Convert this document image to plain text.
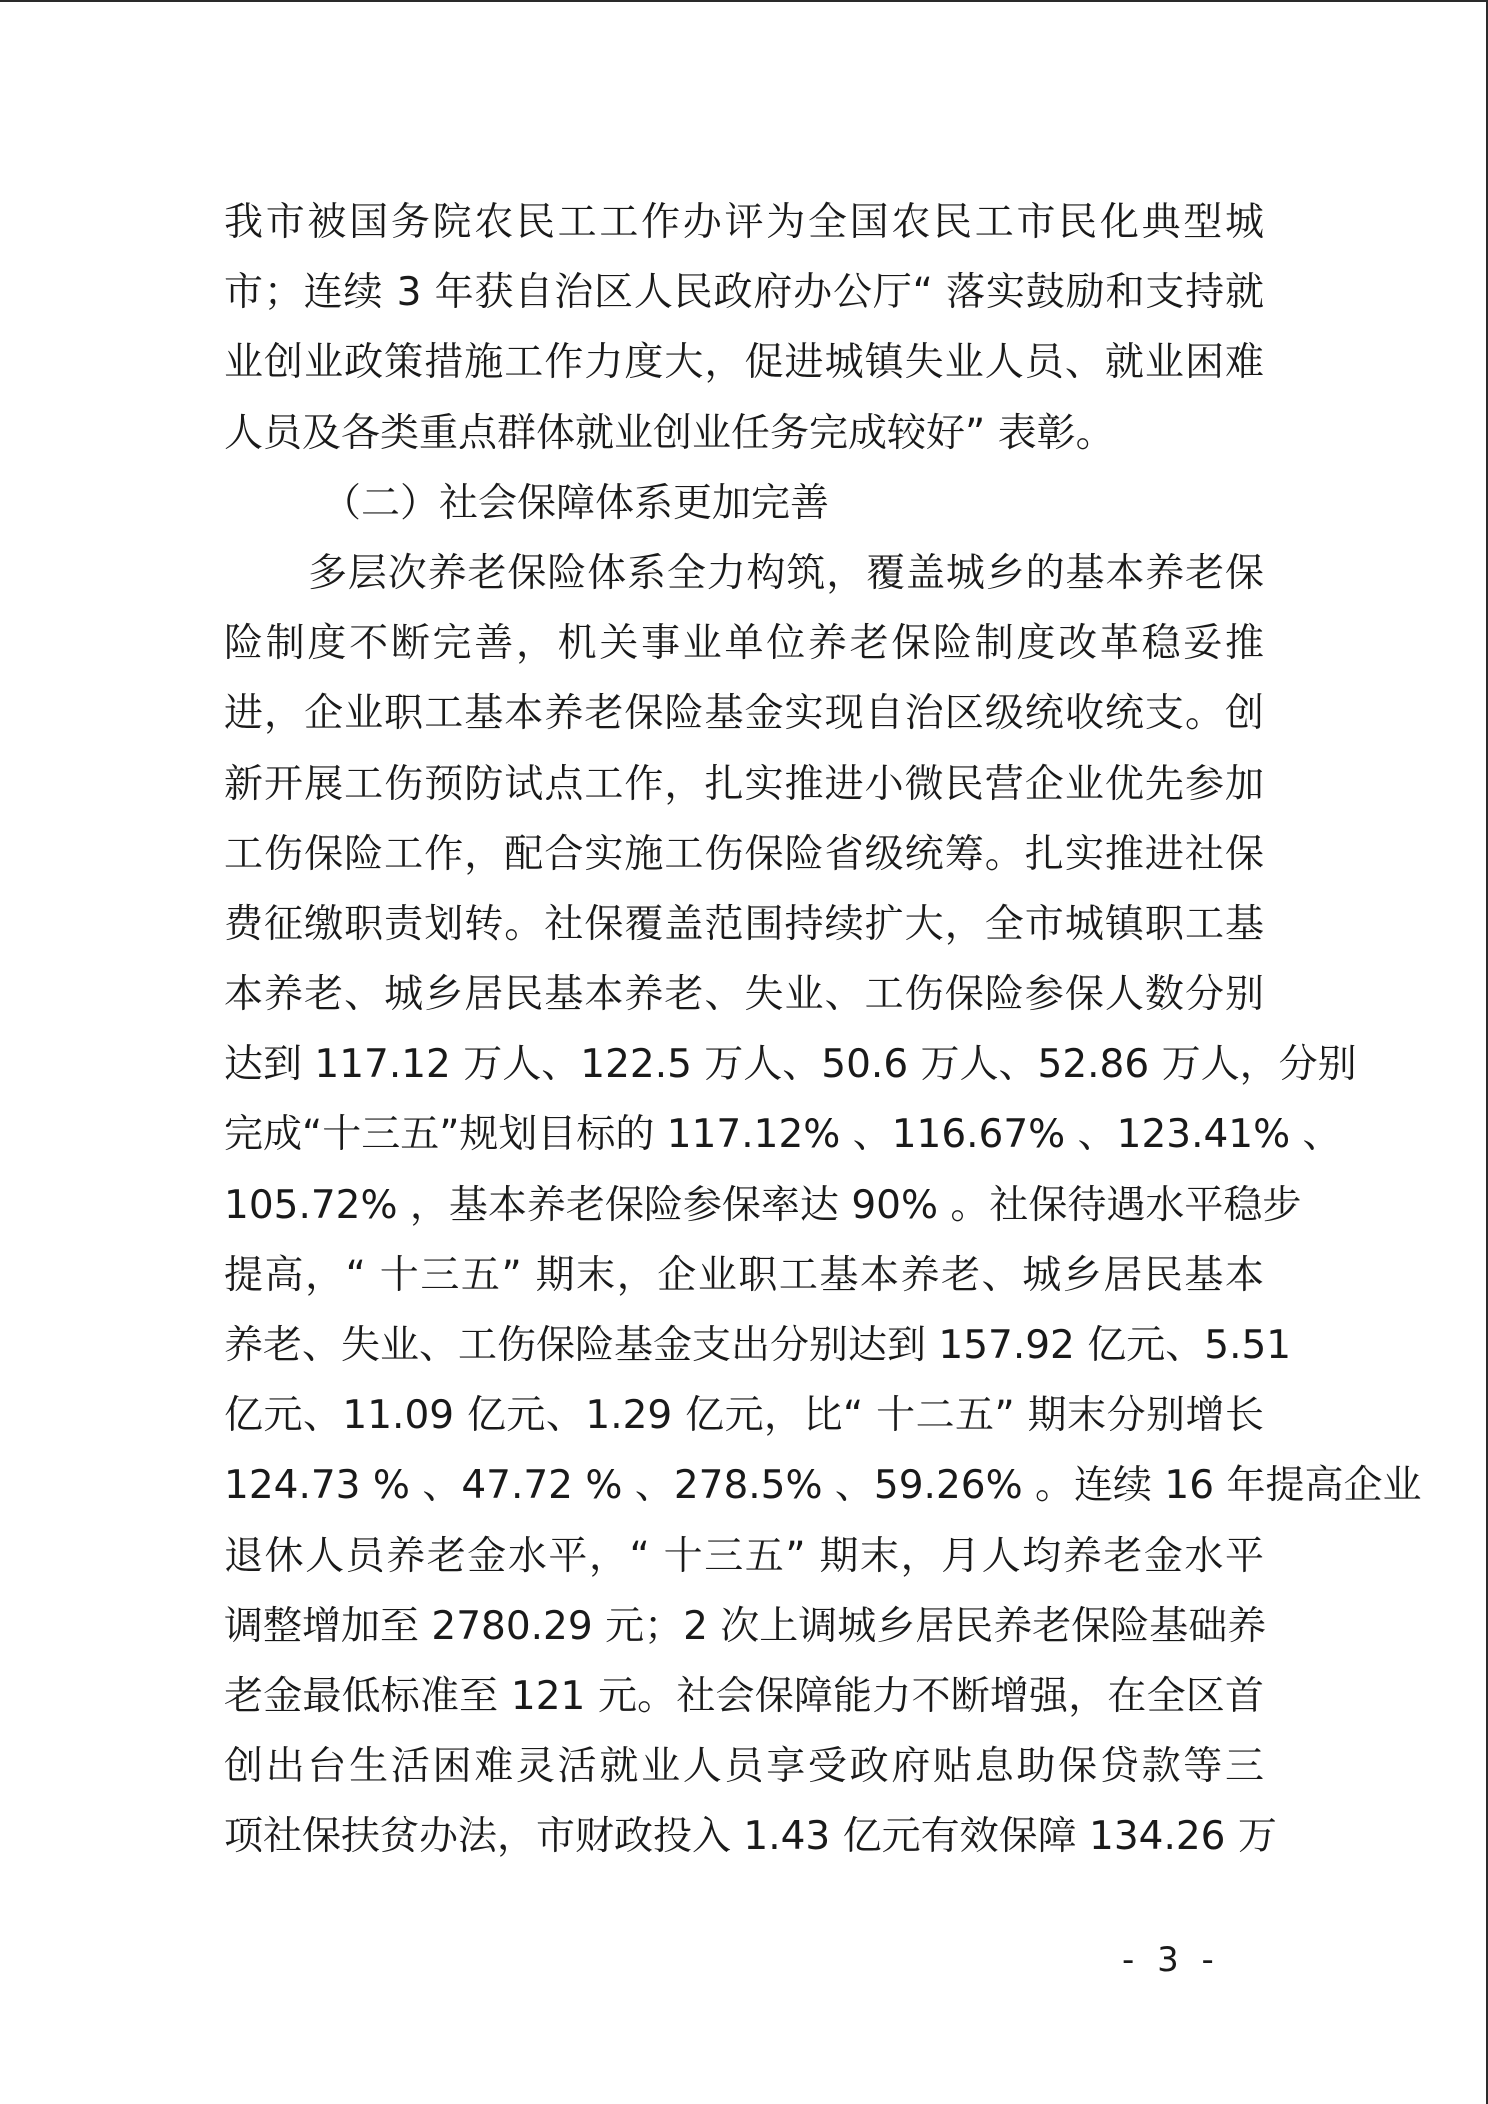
我市被国务院农民工工作办评为全国农民工市民化典型城
市；连续 3 年获自治区人民政府办公厅“ 落实鼓励和支持就
业创业政策措施工作力度大，促进城镇失业人员、就业困难
人员及各类重点群体就业创业任务完成较好” 表彰。
（二）社会保障体系更加完善
多层次养老保险体系全力构筑，覆盖城乡的基本养老保
险制度不断完善，机关事业单位养老保险制度改革稳妥推
进，企业职工基本养老保险基金实现自治区级统收统支。创
新开展工伤预防试点工作，扎实推进小微民营企业优先参加
工伤保险工作，配合实施工伤保险省级统筹。扎实推进社保
费征缴职责划转。社保覆盖范围持续扩大，全市城镇职工基
本养老、城乡居民基本养老、失业、工伤保险参保人数分别
达到 117.12 万人、122.5 万人、50.6 万人、52.86 万人，分别
完成“十三五”规划目标的 117.12% 、116.67% 、123.41% 、
105.72% ，基本养老保险参保率达 90% 。社保待遇水平稳步
提高，“ 十三五” 期末，企业职工基本养老、城乡居民基本
养老、失业、工伤保险基金支出分别达到 157.92 亿元、5.51
亿元、11.09 亿元、1.29 亿元，比“ 十二五” 期末分别增长
124.73 % 、47.72 % 、278.5% 、59.26% 。连续 16 年提高企业
退休人员养老金水平，“ 十三五” 期末，月人均养老金水平
调整增加至 2780.29 元；2 次上调城乡居民养老保险基础养
老金最低标准至 121 元。社会保障能力不断增强，在全区首
创出台生活困难灵活就业人员享受政府贴息助保贷款等三
项社保扶贫办法，市财政投入 1.43 亿元有效保障 134.26 万
- 3 -
